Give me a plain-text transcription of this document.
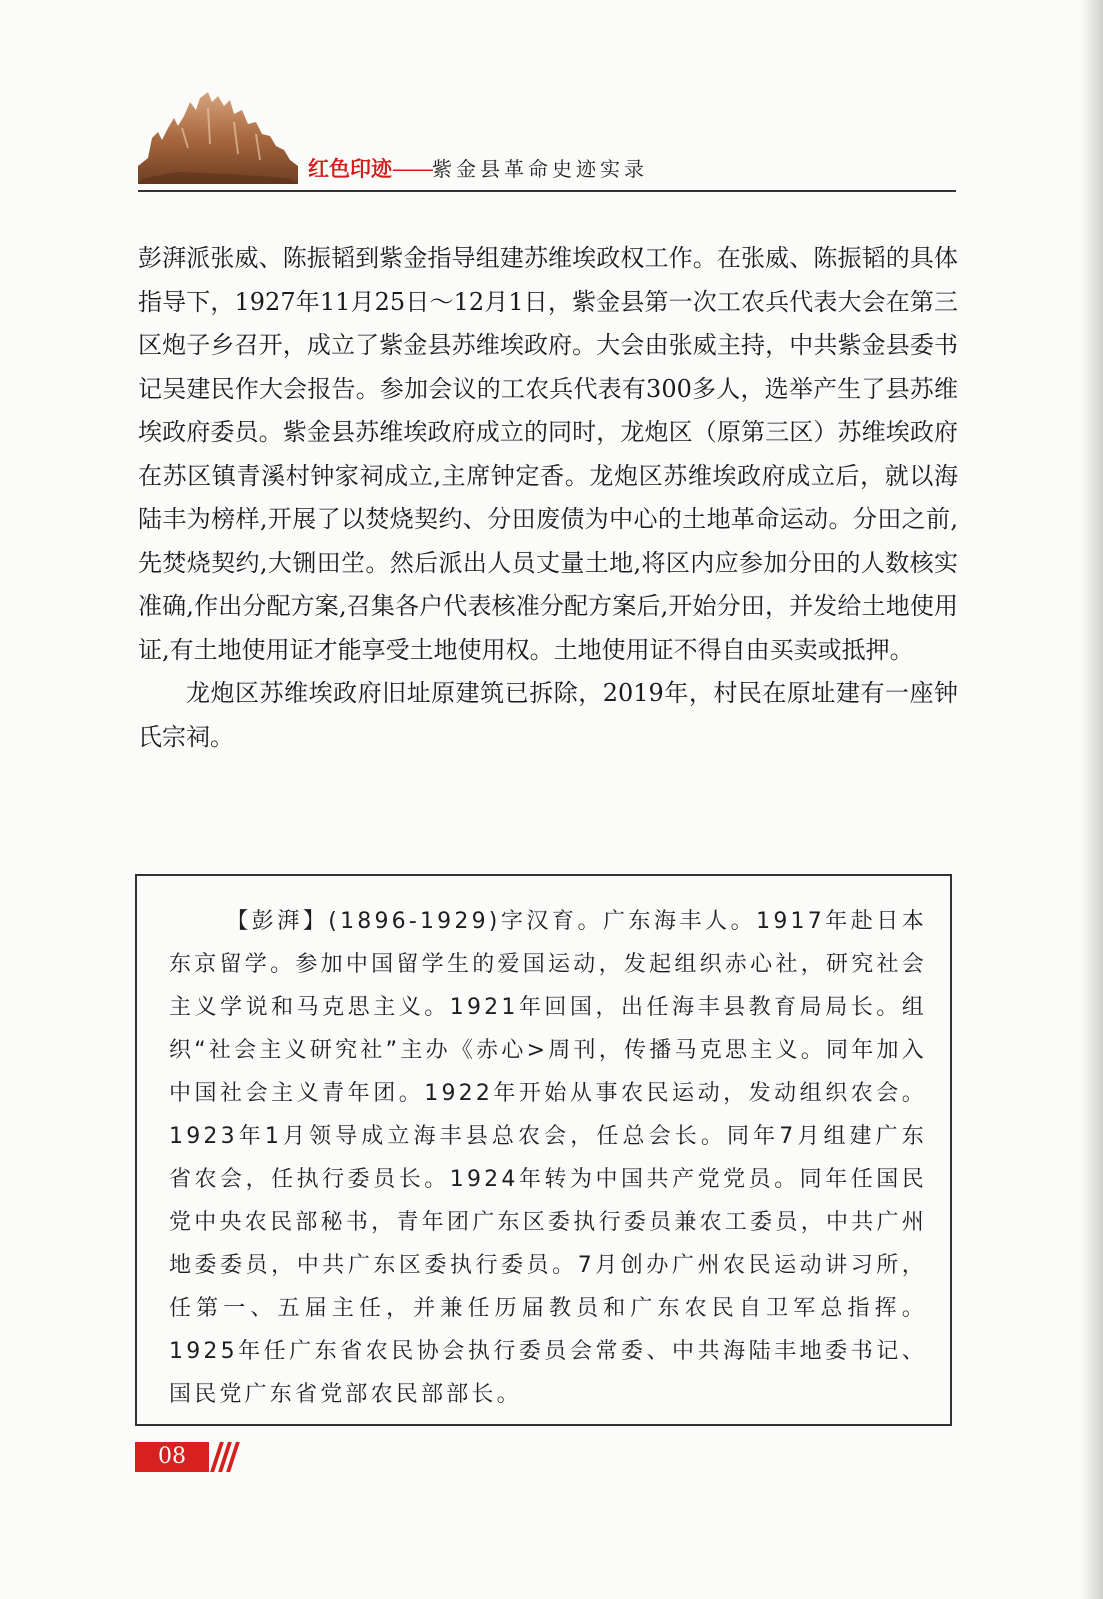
红色印迹——紫金县革命史迹实录

彭湃派张威、陈振韬到紫金指导组建苏维埃政权工作。在张威、陈振韬的具体指导下，1927年11月25日～12月1日，紫金县第一次工农兵代表大会在第三区炮子乡召开，成立了紫金县苏维埃政府。大会由张威主持，中共紫金县委书记吴建民作大会报告。参加会议的工农兵代表有300多人，选举产生了县苏维埃政府委员。紫金县苏维埃政府成立的同时，龙炮区（原第三区）苏维埃政府在苏区镇青溪村钟家祠成立,主席钟定香。龙炮区苏维埃政府成立后，就以海陆丰为榜样,开展了以焚烧契约、分田废债为中心的土地革命运动。分田之前,先焚烧契约,大铏田坣。然后派出人员丈量土地,将区内应参加分田的人数核实准确,作出分配方案,召集各户代表核准分配方案后,开始分田，并发给土地使用证,有土地使用证才能享受土地使用权。土地使用证不得自由买卖或抵押。

龙炮区苏维埃政府旧址原建筑已拆除，2019年，村民在原址建有一座钟氏宗祠。

【彭湃】(1896-1929)字汉育。广东海丰人。1917年赴日本东京留学。参加中国留学生的爱国运动，发起组织赤心社，研究社会主义学说和马克思主义。1921年回国，出任海丰县教育局局长。组织“社会主义研究社”主办《赤心>周刊，传播马克思主义。同年加入中国社会主义青年团。1922年开始从事农民运动，发动组织农会。1923年1月领导成立海丰县总农会，任总会长。同年7月组建广东省农会，任执行委员长。1924年转为中国共产党党员。同年任国民党中央农民部秘书，青年团广东区委执行委员兼农工委员，中共广州地委委员，中共广东区委执行委员。7月创办广州农民运动讲习所，任第一、五届主任，并兼任历届教员和广东农民自卫军总指挥。1925年任广东省农民协会执行委员会常委、中共海陆丰地委书记、国民党广东省党部农民部部长。

08
